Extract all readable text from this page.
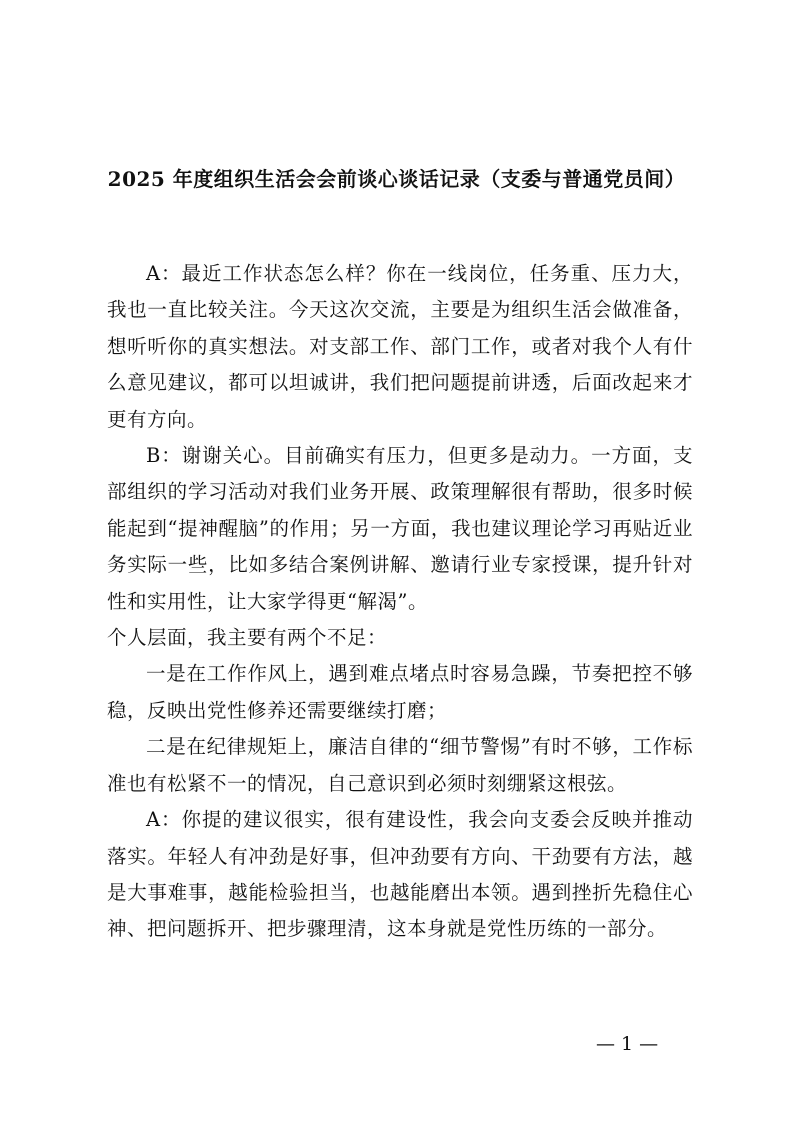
2025 年度组织生活会会前谈心谈话记录（支委与普通党员间）

A：最近工作状态怎么样？你在一线岗位，任务重、压力大，我也一直比较关注。今天这次交流，主要是为组织生活会做准备，想听听你的真实想法。对支部工作、部门工作，或者对我个人有什么意见建议，都可以坦诚讲，我们把问题提前讲透，后面改起来才更有方向。

B：谢谢关心。目前确实有压力，但更多是动力。一方面，支部组织的学习活动对我们业务开展、政策理解很有帮助，很多时候能起到“提神醒脑”的作用；另一方面，我也建议理论学习再贴近业务实际一些，比如多结合案例讲解、邀请行业专家授课，提升针对性和实用性，让大家学得更“解渴”。

个人层面，我主要有两个不足：

一是在工作作风上，遇到难点堵点时容易急躁，节奏把控不够稳，反映出党性修养还需要继续打磨；

二是在纪律规矩上，廉洁自律的“细节警惕”有时不够，工作标准也有松紧不一的情况，自己意识到必须时刻绷紧这根弦。

A：你提的建议很实，很有建设性，我会向支委会反映并推动落实。年轻人有冲劲是好事，但冲劲要有方向、干劲要有方法，越是大事难事，越能检验担当，也越能磨出本领。遇到挫折先稳住心神、把问题拆开、把步骤理清，这本身就是党性历练的一部分。

— 1 —
